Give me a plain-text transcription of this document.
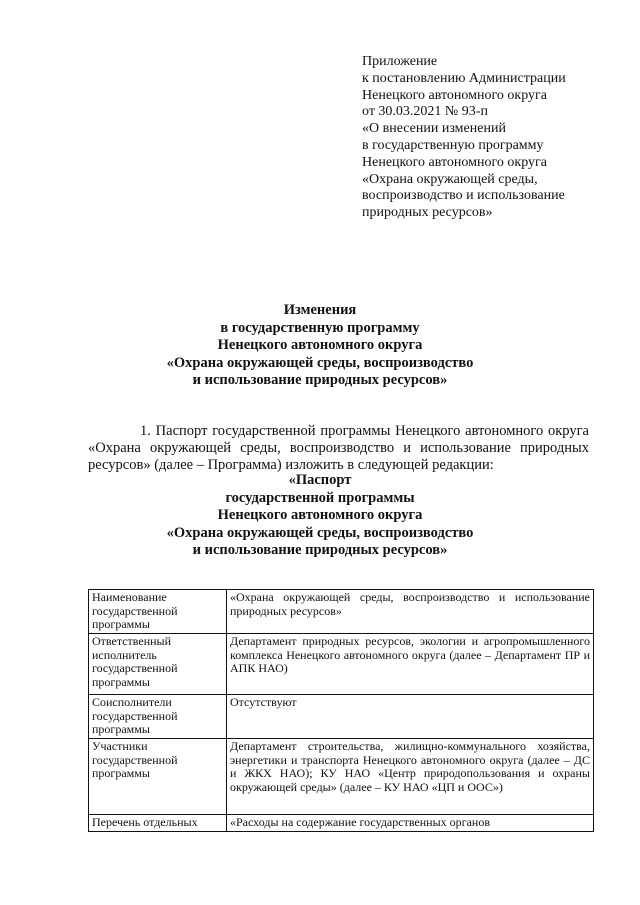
Приложение
к постановлению Администрации
Ненецкого автономного округа
от 30.03.2021 № 93-п
«О внесении изменений
в государственную программу
Ненецкого автономного округа
«Охрана окружающей среды,
воспроизводство и использование
природных ресурсов»
Изменения
в государственную программу
Ненецкого автономного округа
«Охрана окружающей среды, воспроизводство
и использование природных ресурсов»
1. Паспорт государственной программы Ненецкого автономного округа «Охрана окружающей среды, воспроизводство и использование природных ресурсов» (далее – Программа) изложить в следующей редакции:
«Паспорт
государственной программы
Ненецкого автономного округа
«Охрана окружающей среды, воспроизводство
и использование природных ресурсов»
Наименование государственной программы	«Охрана окружающей среды, воспроизводство и использование природных ресурсов»
Ответственный исполнитель государственной программы	Департамент природных ресурсов, экологии и агропромышленного комплекса Ненецкого автономного округа (далее – Департамент ПР и АПК НАО)
Соисполнители государственной программы	Отсутствуют
Участники государственной программы	Департамент строительства, жилищно-коммунального хозяйства, энергетики и транспорта Ненецкого автономного округа (далее – ДС и ЖКХ НАО); КУ НАО «Центр природопользования и охраны окружающей среды» (далее – КУ НАО «ЦП и ООС»)
Перечень отдельных	«Расходы на содержание государственных органов
